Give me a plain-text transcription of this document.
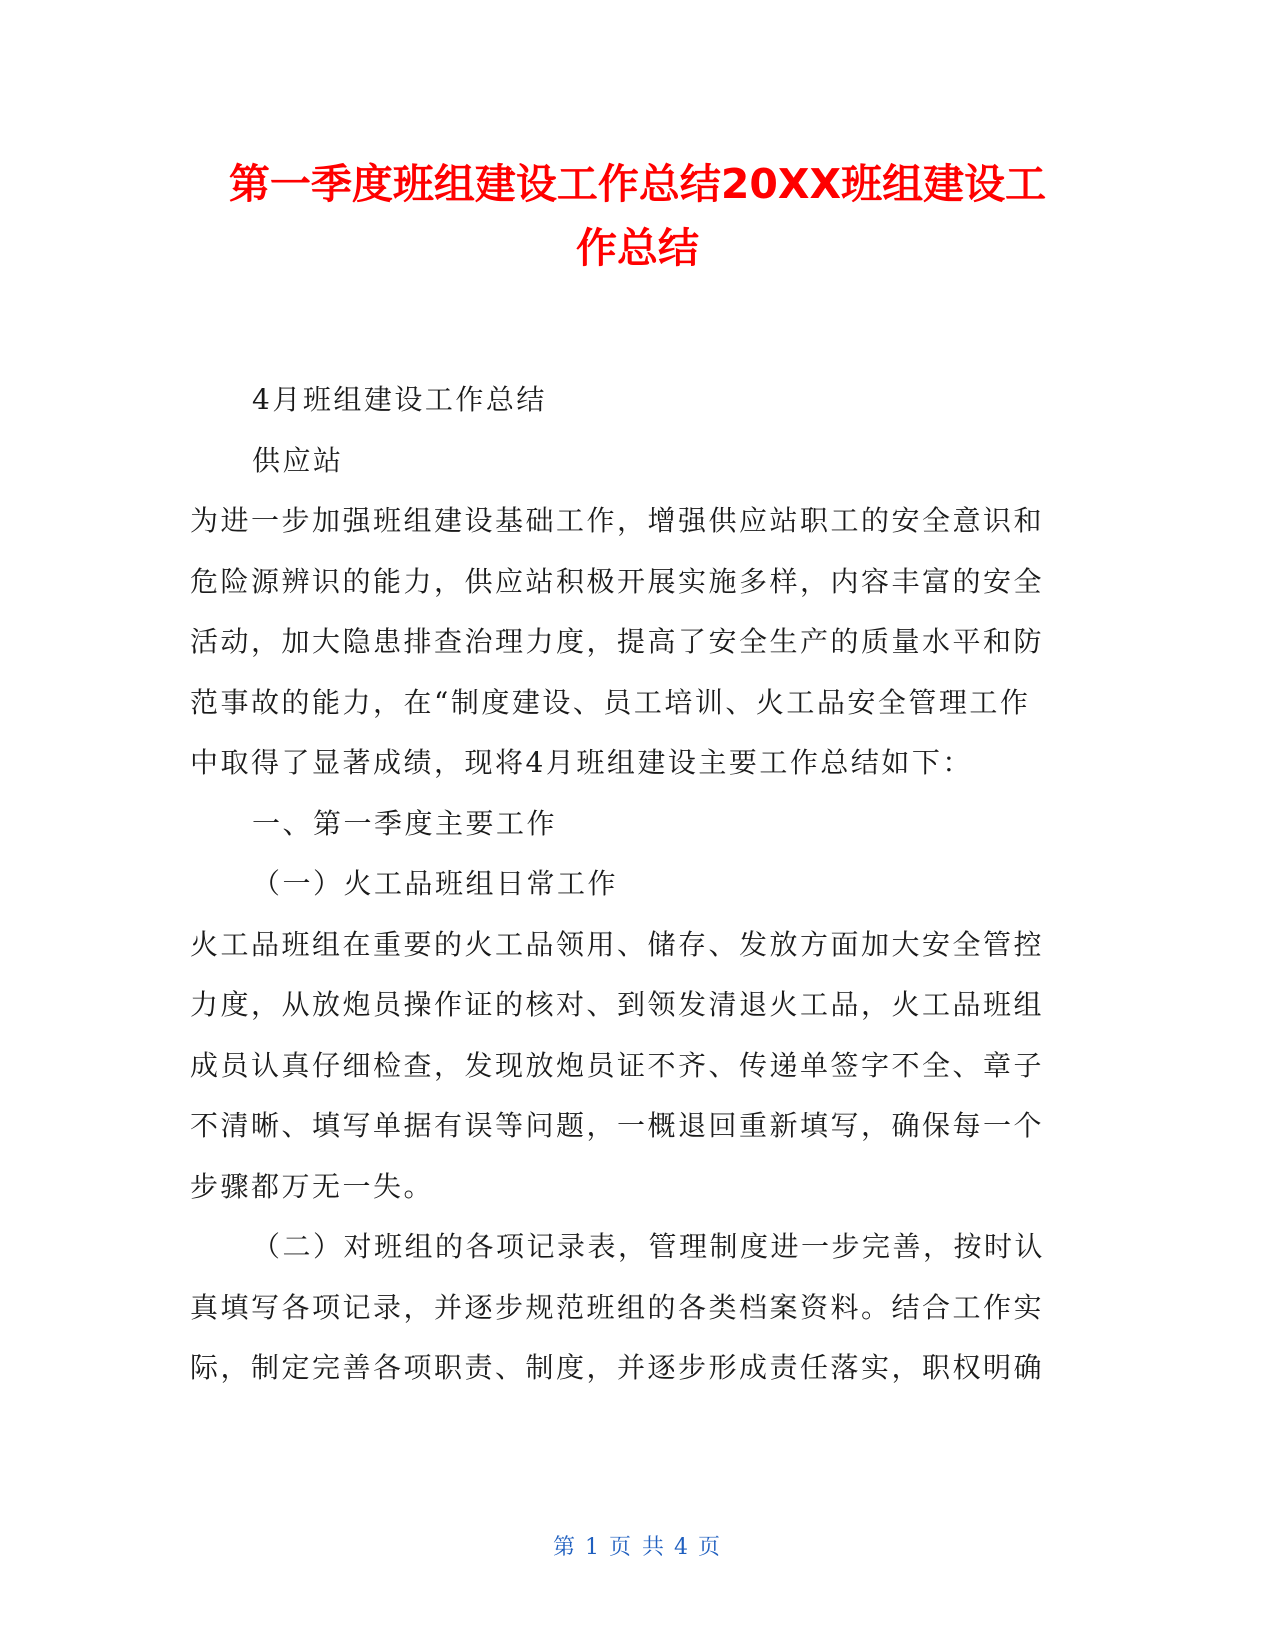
第一季度班组建设工作总结20XX班组建设工
作总结
4月班组建设工作总结
供应站
为进一步加强班组建设基础工作，增强供应站职工的安全意识和
危险源辨识的能力，供应站积极开展实施多样，内容丰富的安全
活动，加大隐患排查治理力度，提高了安全生产的质量水平和防
范事故的能力，在“制度建设、员工培训、火工品安全管理工作
中取得了显著成绩，现将4月班组建设主要工作总结如下：
一、第一季度主要工作
（一）火工品班组日常工作
火工品班组在重要的火工品领用、储存、发放方面加大安全管控
力度，从放炮员操作证的核对、到领发清退火工品，火工品班组
成员认真仔细检查，发现放炮员证不齐、传递单签字不全、章子
不清晰、填写单据有误等问题，一概退回重新填写，确保每一个
步骤都万无一失。
（二）对班组的各项记录表，管理制度进一步完善，按时认
真填写各项记录，并逐步规范班组的各类档案资料。结合工作实
际，制定完善各项职责、制度，并逐步形成责任落实，职权明确
第 1 页 共 4 页
